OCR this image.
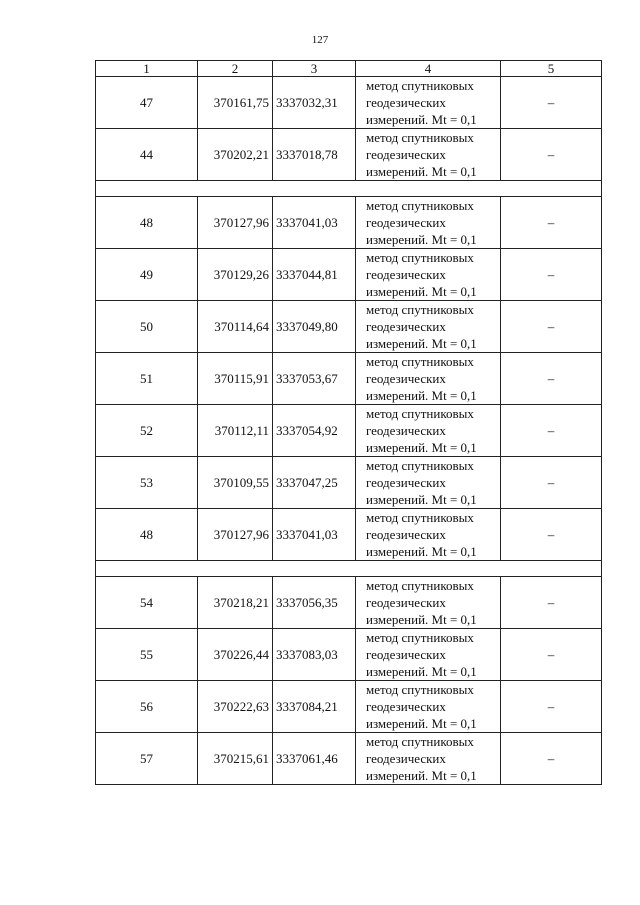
127
1	2	3	4	5
47	370161,75	3337032,31	метод спутниковых
геодезических
измерений. Mt = 0,1	–
44	370202,21	3337018,78	метод спутниковых
геодезических
измерений. Mt = 0,1	–

48	370127,96	3337041,03	метод спутниковых
геодезических
измерений. Mt = 0,1	–
49	370129,26	3337044,81	метод спутниковых
геодезических
измерений. Mt = 0,1	–
50	370114,64	3337049,80	метод спутниковых
геодезических
измерений. Mt = 0,1	–
51	370115,91	3337053,67	метод спутниковых
геодезических
измерений. Mt = 0,1	–
52	370112,11	3337054,92	метод спутниковых
геодезических
измерений. Mt = 0,1	–
53	370109,55	3337047,25	метод спутниковых
геодезических
измерений. Mt = 0,1	–
48	370127,96	3337041,03	метод спутниковых
геодезических
измерений. Mt = 0,1	–

54	370218,21	3337056,35	метод спутниковых
геодезических
измерений. Mt = 0,1	–
55	370226,44	3337083,03	метод спутниковых
геодезических
измерений. Mt = 0,1	–
56	370222,63	3337084,21	метод спутниковых
геодезических
измерений. Mt = 0,1	–
57	370215,61	3337061,46	метод спутниковых
геодезических
измерений. Mt = 0,1	–
